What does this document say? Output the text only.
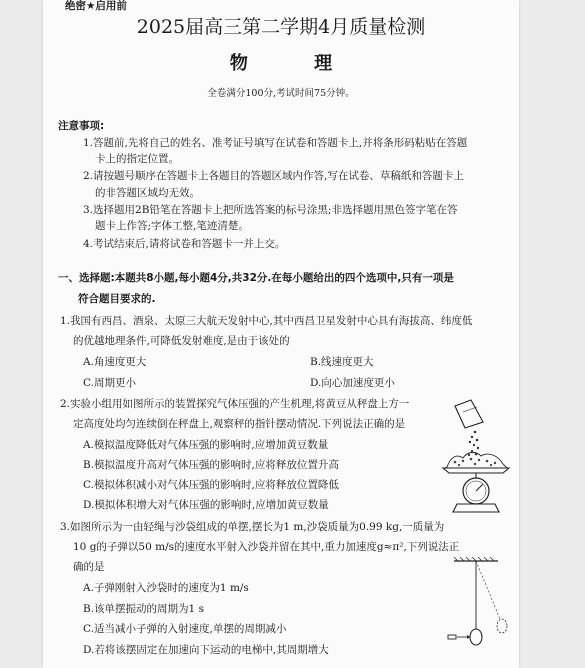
绝密★启用前
2025届高三第二学期4月质量检测
物 理
全卷满分100分,考试时间75分钟。
注意事项:
1.答题前,先将自己的姓名、准考证号填写在试卷和答题卡上,并将条形码粘贴在答题
卡上的指定位置。
2.请按题号顺序在答题卡上各题目的答题区域内作答,写在试卷、草稿纸和答题卡上
的非答题区域均无效。
3.选择题用2B铅笔在答题卡上把所选答案的标号涂黑;非选择题用黑色签字笔在答
题卡上作答;字体工整,笔迹清楚。
4.考试结束后,请将试卷和答题卡一并上交。
一、选择题:本题共8小题,每小题4分,共32分.在每小题给出的四个选项中,只有一项是
符合题目要求的.
1.我国有西昌、酒泉、太原三大航天发射中心,其中西昌卫星发射中心具有海拔高、纬度低
的优越地理条件,可降低发射难度,是由于该处的
A.角速度更大	B.线速度更大
C.周期更小	D.向心加速度更小
2.实验小组用如图所示的装置探究气体压强的产生机理,将黄豆从秤盘上方一
定高度处均匀连续倒在秤盘上,观察秤的指针摆动情况.下列说法正确的是
A.模拟温度降低对气体压强的影响时,应增加黄豆数量
B.模拟温度升高对气体压强的影响时,应将释放位置升高
C.模拟体积减小对气体压强的影响时,应将释放位置降低
D.模拟体积增大对气体压强的影响时,应增加黄豆数量
3.如图所示为一由轻绳与沙袋组成的单摆,摆长为1 m,沙袋质量为0.99 kg,一质量为
10 g的子弹以50 m/s的速度水平射入沙袋并留在其中,重力加速度g≈π²,下列说法正
确的是
A.子弹刚射入沙袋时的速度为1 m/s
B.该单摆振动的周期为1 s
C.适当减小子弹的入射速度,单摆的周期减小
D.若将该摆固定在加速向下运动的电梯中,其周期增大
